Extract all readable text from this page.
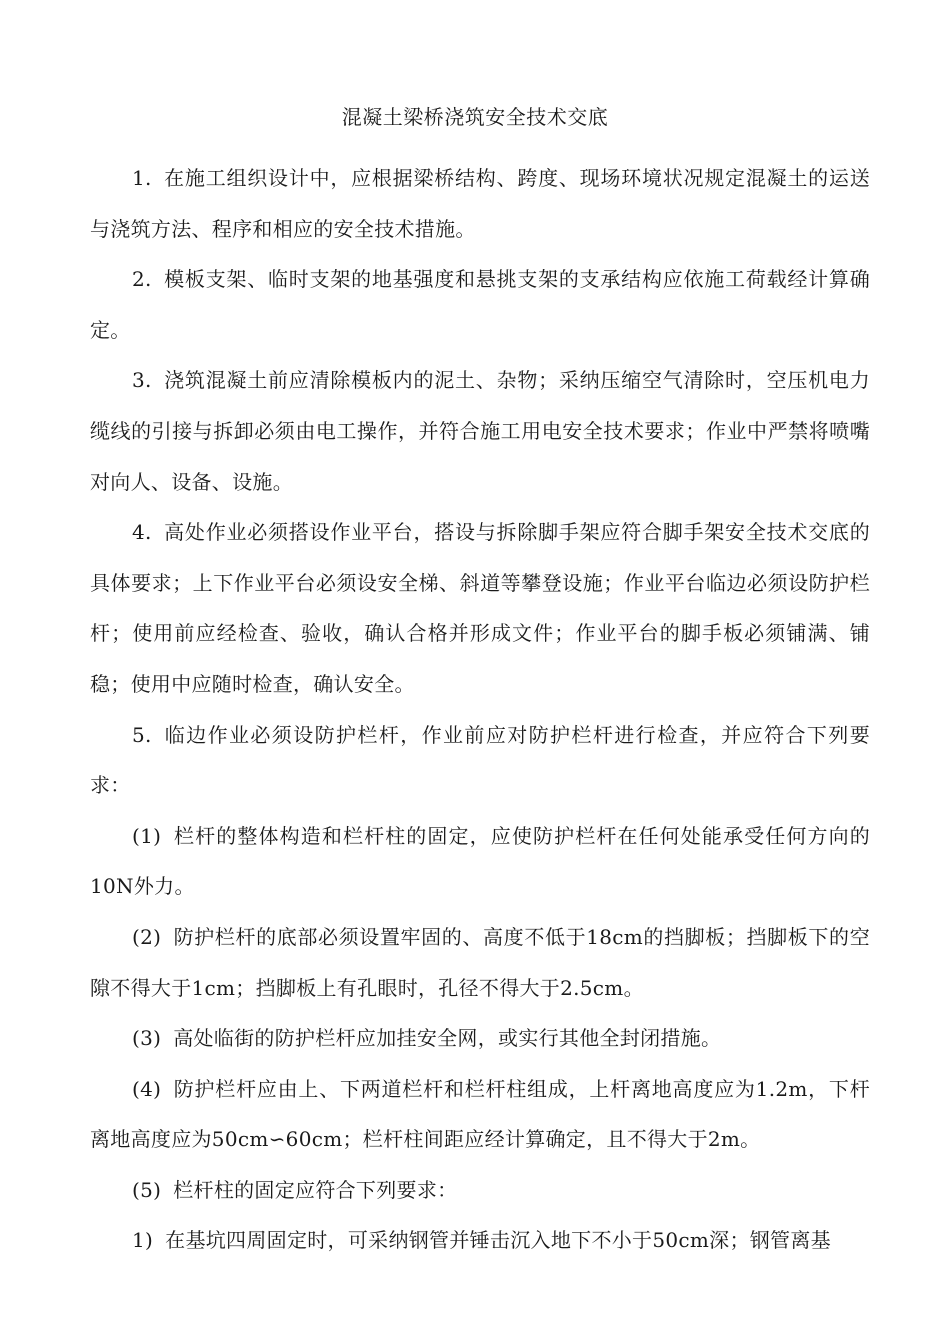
混凝土梁桥浇筑安全技术交底

1. 在施工组织设计中，应根据梁桥结构、跨度、现场环境状况规定混凝土的运送与浇筑方法、程序和相应的安全技术措施。

2. 模板支架、临时支架的地基强度和悬挑支架的支承结构应依施工荷载经计算确定。

3. 浇筑混凝土前应清除模板内的泥土、杂物；采纳压缩空气清除时，空压机电力缆线的引接与拆卸必须由电工操作，并符合施工用电安全技术要求；作业中严禁将喷嘴对向人、设备、设施。

4. 高处作业必须搭设作业平台，搭设与拆除脚手架应符合脚手架安全技术交底的具体要求；上下作业平台必须设安全梯、斜道等攀登设施；作业平台临边必须设防护栏杆；使用前应经检查、验收，确认合格并形成文件；作业平台的脚手板必须铺满、铺稳；使用中应随时检查，确认安全。

5. 临边作业必须设防护栏杆，作业前应对防护栏杆进行检查，并应符合下列要求：

(1) 栏杆的整体构造和栏杆柱的固定，应使防护栏杆在任何处能承受任何方向的10N外力。

(2) 防护栏杆的底部必须设置牢固的、高度不低于18cm的挡脚板；挡脚板下的空隙不得大于1cm；挡脚板上有孔眼时，孔径不得大于2.5cm。

(3) 高处临街的防护栏杆应加挂安全网，或实行其他全封闭措施。

(4) 防护栏杆应由上、下两道栏杆和栏杆柱组成，上杆离地高度应为1.2m，下杆离地高度应为50cm∽60cm；栏杆柱间距应经计算确定，且不得大于2m。

(5) 栏杆柱的固定应符合下列要求：

1) 在基坑四周固定时，可采纳钢管并锤击沉入地下不小于50cm深；钢管离基
